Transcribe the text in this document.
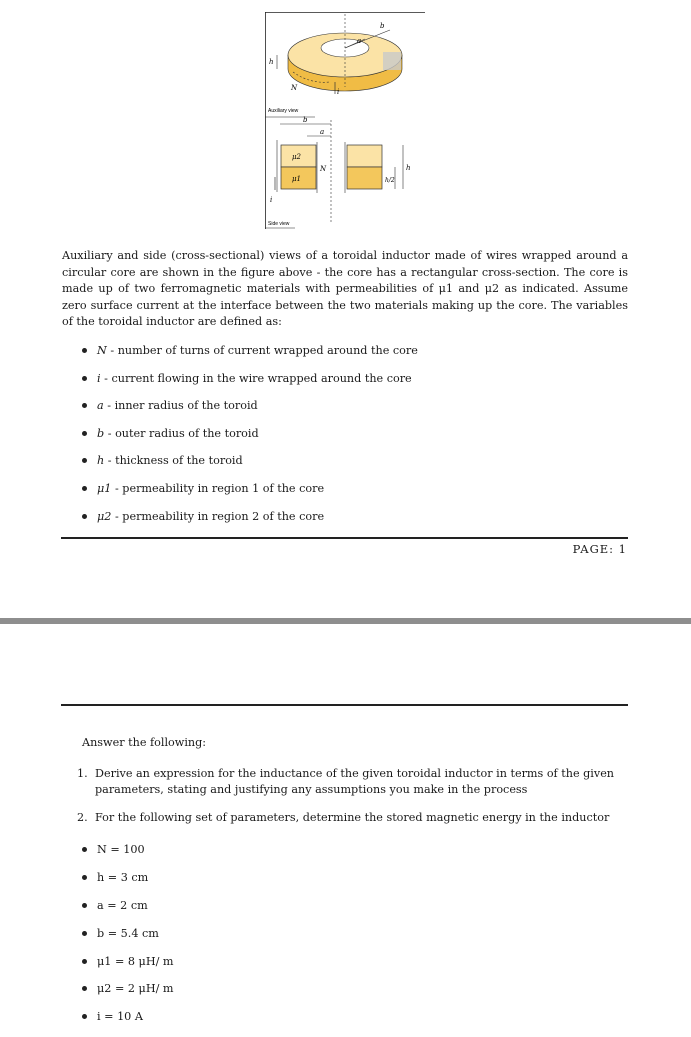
b
a
h
N	i
Auxiliary view
b
a
μ2
μ1
N	h
h/2
i
Side view

Auxiliary and side (cross-sectional) views of a toroidal inductor made of wires wrapped around a circular core are shown in the figure above - the core has a rectangular cross-section. The core is made up of two ferromagnetic materials with permeabilities of μ1 and μ2 as indicated. Assume zero surface current at the interface between the two materials making up the core. The variables of the toroidal inductor are defined as:

N - number of turns of current wrapped around the core
i - current flowing in the wire wrapped around the core
a - inner radius of the toroid
b - outer radius of the toroid
h - thickness of the toroid
μ1 - permeability in region 1 of the core
μ2 - permeability in region 2 of the core
PAGE: 1
Answer the following:
1. Derive an expression for the inductance of the given toroidal inductor in terms of the given parameters, stating and justifying any assumptions you make in the process
2. For the following set of parameters, determine the stored magnetic energy in the inductor
N = 100
h = 3 cm
a = 2 cm
b = 5.4 cm
μ1 = 8 μH/ m
μ2 = 2 μH/ m
i = 10 A
